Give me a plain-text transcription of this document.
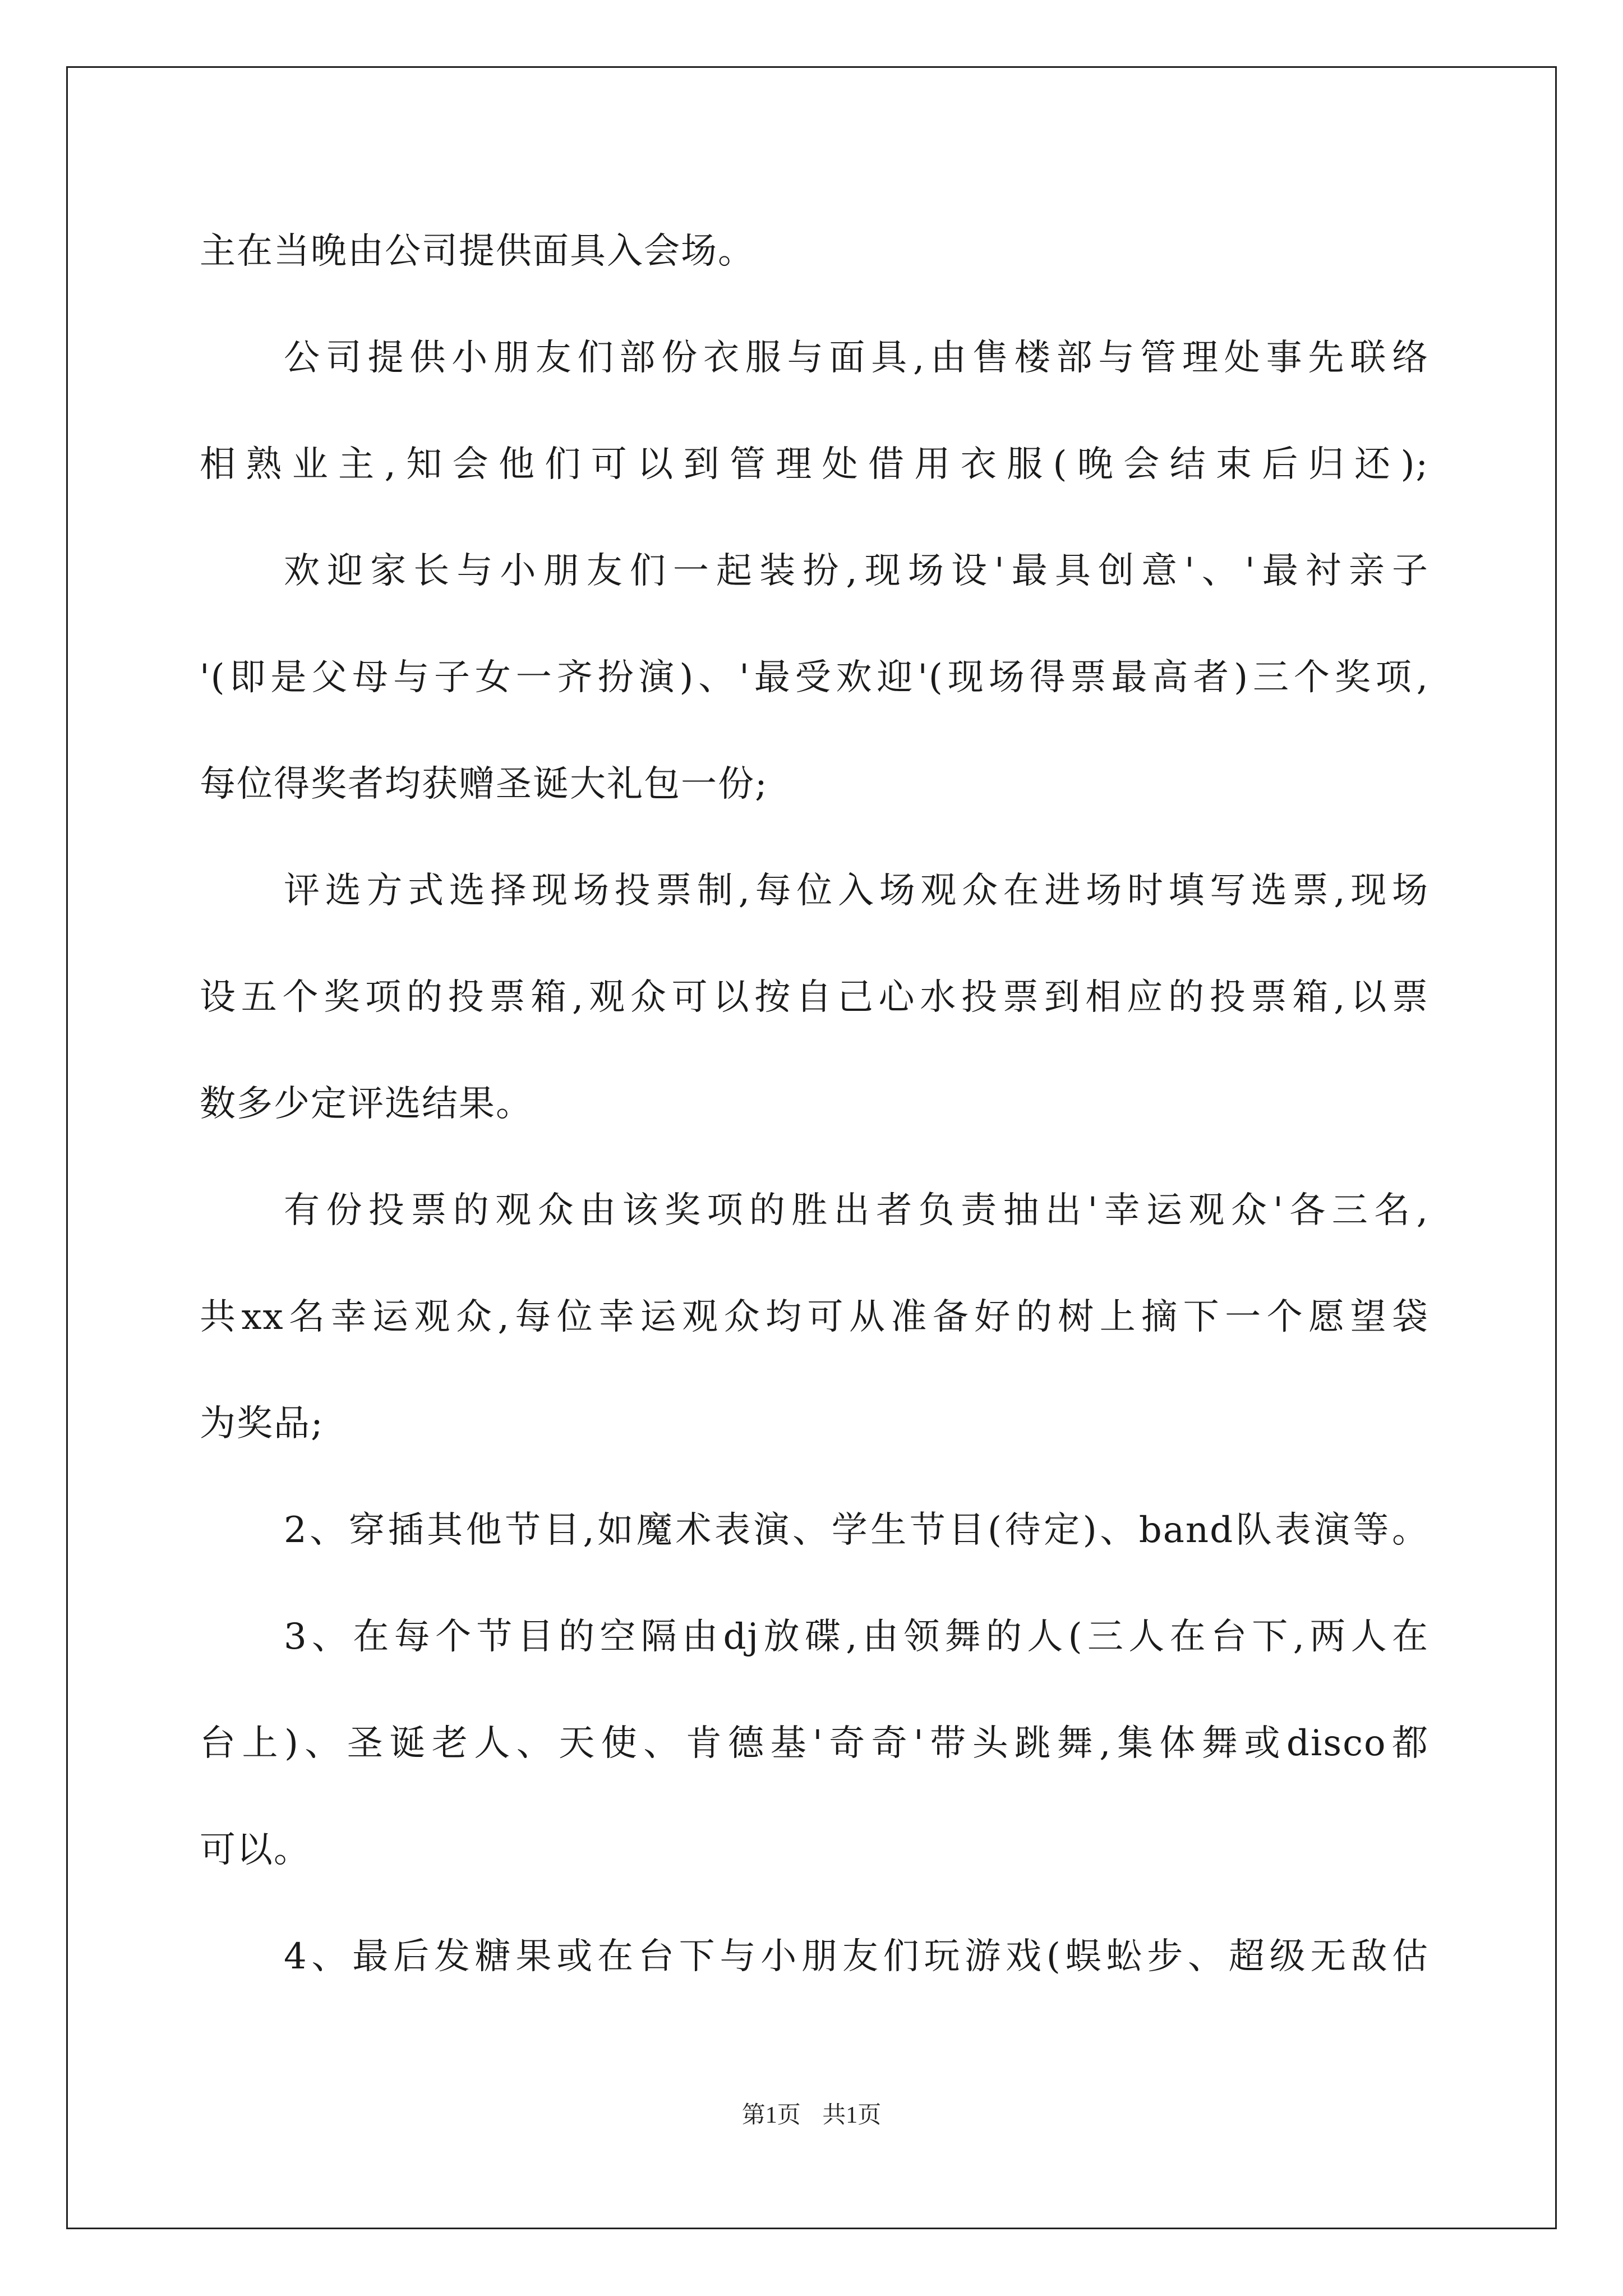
主在当晚由公司提供面具入会场。
公司提供小朋友们部份衣服与面具,由售楼部与管理处事先联络
相熟业主,知会他们可以到管理处借用衣服(晚会结束后归还);
欢迎家长与小朋友们一起装扮,现场设'最具创意'、'最衬亲子
'(即是父母与子女一齐扮演)、'最受欢迎'(现场得票最高者)三个奖项,
每位得奖者均获赠圣诞大礼包一份;
评选方式选择现场投票制,每位入场观众在进场时填写选票,现场
设五个奖项的投票箱,观众可以按自己心水投票到相应的投票箱,以票
数多少定评选结果。
有份投票的观众由该奖项的胜出者负责抽出'幸运观众'各三名,
共xx名幸运观众,每位幸运观众均可从准备好的树上摘下一个愿望袋
为奖品;
2、穿插其他节目,如魔术表演、学生节目(待定)、band队表演等。
3、在每个节目的空隔由dj放碟,由领舞的人(三人在台下,两人在
台上)、圣诞老人、天使、肯德基'奇奇'带头跳舞,集体舞或disco都
可以。
4、最后发糖果或在台下与小朋友们玩游戏(蜈蚣步、超级无敌估
第1页 共1页
